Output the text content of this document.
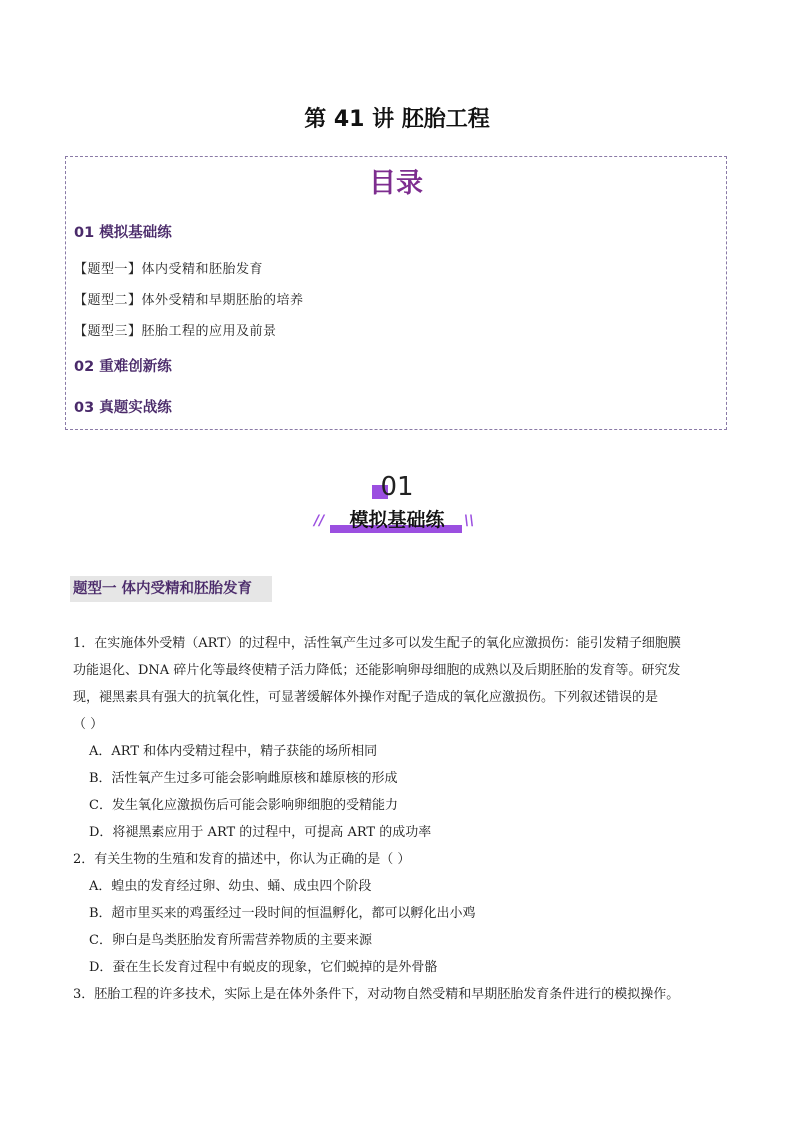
第 41 讲 胚胎工程
目录
01 模拟基础练
【题型一】体内受精和胚胎发育
【题型二】体外受精和早期胚胎的培养
【题型三】胚胎工程的应用及前景
02 重难创新练
03 真题实战练
01
//	模拟基础练	\\
题型一 体内受精和胚胎发育
1．在实施体外受精（ART）的过程中，活性氧产生过多可以发生配子的氧化应激损伤：能引发精子细胞膜
功能退化、DNA 碎片化等最终使精子活力降低；还能影响卵母细胞的成熟以及后期胚胎的发育等。研究发
现，褪黑素具有强大的抗氧化性，可显著缓解体外操作对配子造成的氧化应激损伤。下列叙述错误的是
（ ）
A．ART 和体内受精过程中，精子获能的场所相同
B．活性氧产生过多可能会影响雌原核和雄原核的形成
C．发生氧化应激损伤后可能会影响卵细胞的受精能力
D．将褪黑素应用于 ART 的过程中，可提高 ART 的成功率
2．有关生物的生殖和发育的描述中，你认为正确的是（ ）
A．蝗虫的发育经过卵、幼虫、蛹、成虫四个阶段
B．超市里买来的鸡蛋经过一段时间的恒温孵化，都可以孵化出小鸡
C．卵白是鸟类胚胎发育所需营养物质的主要来源
D．蚕在生长发育过程中有蜕皮的现象，它们蜕掉的是外骨骼
3．胚胎工程的许多技术，实际上是在体外条件下，对动物自然受精和早期胚胎发育条件进行的模拟操作。
